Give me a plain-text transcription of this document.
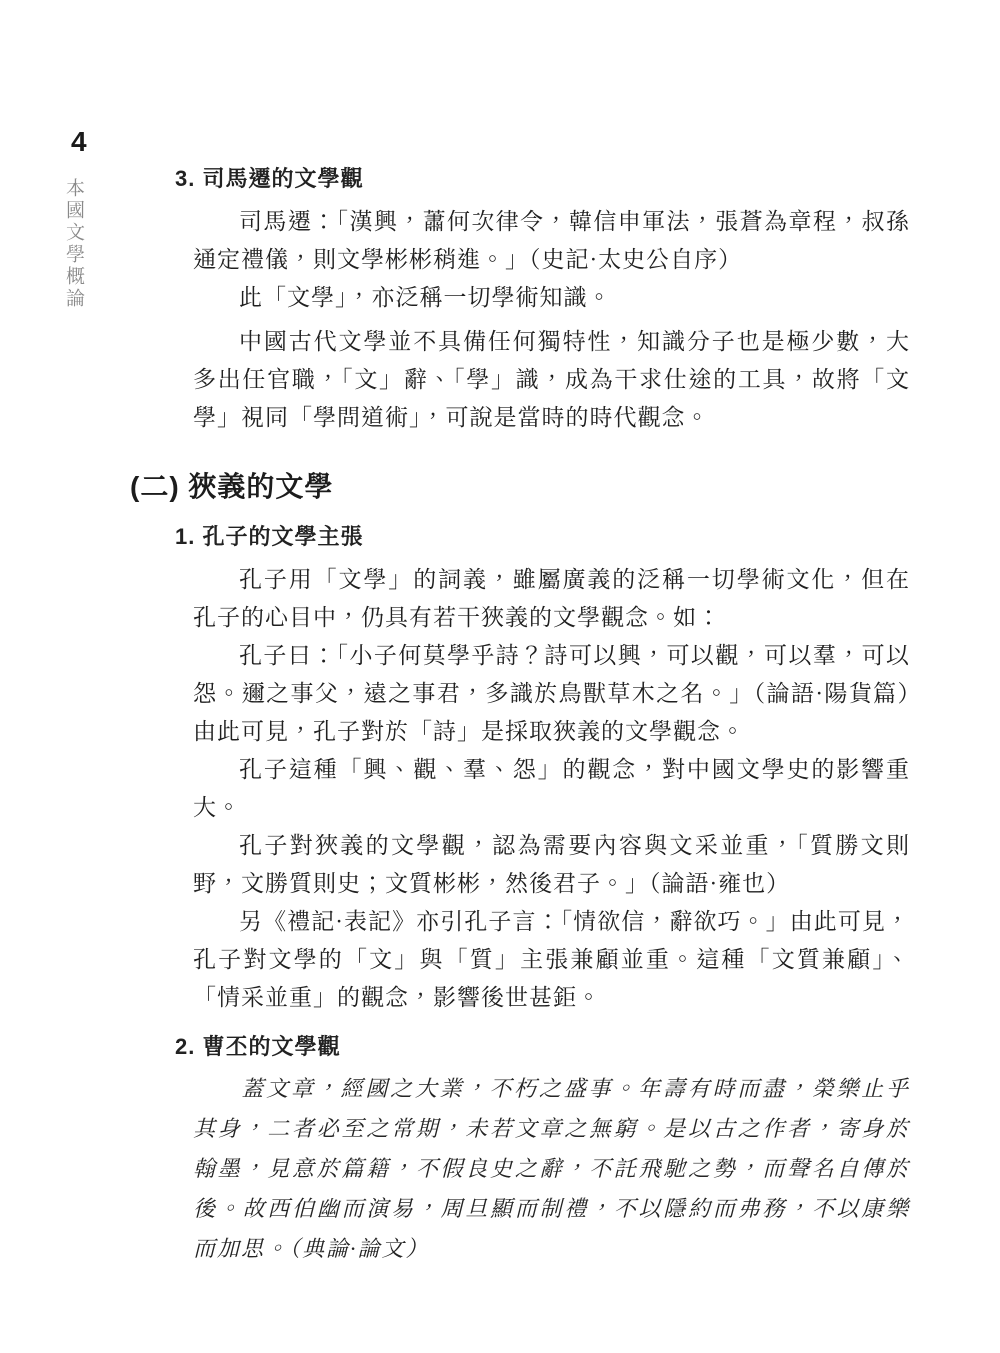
4
本國文學概論	3. 司馬遷的文學觀

司馬遷：「漢興，蕭何次律令，韓信申軍法，張蒼為章程，叔孫通定禮儀，則文學彬彬稍進。」（史記·太史公自序）

此「文學」，亦泛稱一切學術知識。

中國古代文學並不具備任何獨特性，知識分子也是極少數，大多出任官職，「文」辭、「學」識，成為干求仕途的工具，故將「文學」視同「學問道術」，可說是當時的時代觀念。

(二) 狹義的文學
1. 孔子的文學主張

孔子用「文學」的詞義，雖屬廣義的泛稱一切學術文化，但在孔子的心目中，仍具有若干狹義的文學觀念。如：

孔子曰：「小子何莫學乎詩？詩可以興，可以觀，可以羣，可以怨。邇之事父，遠之事君，多識於鳥獸草木之名。」（論語·陽貨篇）由此可見，孔子對於「詩」是採取狹義的文學觀念。

孔子這種「興、觀、羣、怨」的觀念，對中國文學史的影響重大。

孔子對狹義的文學觀，認為需要內容與文采並重，「質勝文則野，文勝質則史；文質彬彬，然後君子。」（論語·雍也）

另《禮記·表記》亦引孔子言：「情欲信，辭欲巧。」由此可見，孔子對文學的「文」與「質」主張兼顧並重。這種「文質兼顧」、「情采並重」的觀念，影響後世甚鉅。

2. 曹丕的文學觀

蓋文章，經國之大業，不朽之盛事。年壽有時而盡，榮樂止乎其身，二者必至之常期，未若文章之無窮。是以古之作者，寄身於翰墨，見意於篇籍，不假良史之辭，不託飛馳之勢，而聲名自傳於後。故西伯幽而演易，周旦顯而制禮，不以隱約而弗務，不以康樂而加思。（典論·論文）
